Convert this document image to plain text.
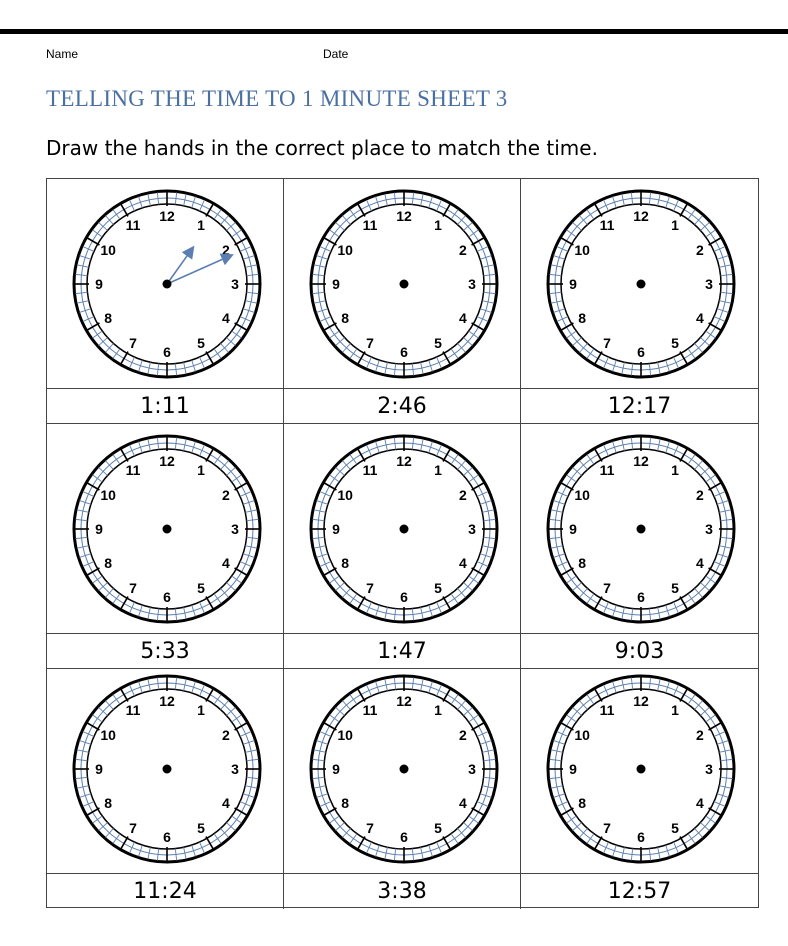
Name	Date
TELLING THE TIME TO 1 MINUTE SHEET 3
Draw the hands in the correct place to match the time.
12
1
2
3
4
5
6
7
8
9
10
11
1:11
12
1
2
3
4
5
6
7
8
9
10
11
2:46
12
1
2
3
4
5
6
7
8
9
10
11
12:17
12
1
2
3
4
5
6
7
8
9
10
11
5:33
12
1
2
3
4
5
6
7
8
9
10
11
1:47
12
1
2
3
4
5
6
7
8
9
10
11
9:03
12
1
2
3
4
5
6
7
8
9
10
11
11:24
12
1
2
3
4
5
6
7
8
9
10
11
3:38
12
1
2
3
4
5
6
7
8
9
10
11
12:57
